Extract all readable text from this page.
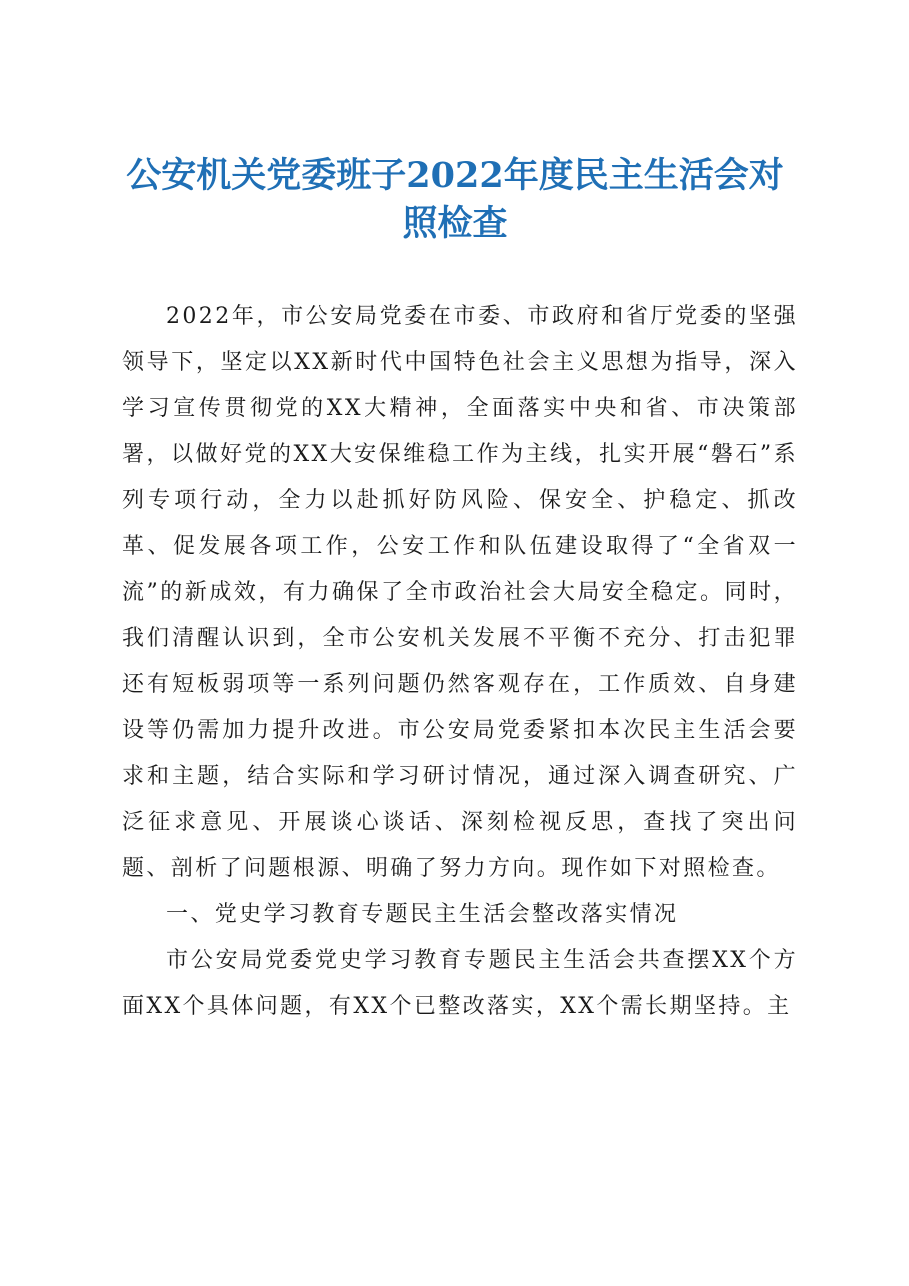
公安机关党委班子2022年度民主生活会对照检查

2022年，市公安局党委在市委、市政府和省厅党委的坚强领导下，坚定以XX新时代中国特色社会主义思想为指导，深入学习宣传贯彻党的XX大精神，全面落实中央和省、市决策部署，以做好党的XX大安保维稳工作为主线，扎实开展“磐石”系列专项行动，全力以赴抓好防风险、保安全、护稳定、抓改革、促发展各项工作，公安工作和队伍建设取得了“全省双一流”的新成效，有力确保了全市政治社会大局安全稳定。同时，我们清醒认识到，全市公安机关发展不平衡不充分、打击犯罪还有短板弱项等一系列问题仍然客观存在，工作质效、自身建设等仍需加力提升改进。市公安局党委紧扣本次民主生活会要求和主题，结合实际和学习研讨情况，通过深入调查研究、广泛征求意见、开展谈心谈话、深刻检视反思，查找了突出问题、剖析了问题根源、明确了努力方向。现作如下对照检查。

一、党史学习教育专题民主生活会整改落实情况

市公安局党委党史学习教育专题民主生活会共查摆XX个方面XX个具体问题，有XX个已整改落实，XX个需长期坚持。主
